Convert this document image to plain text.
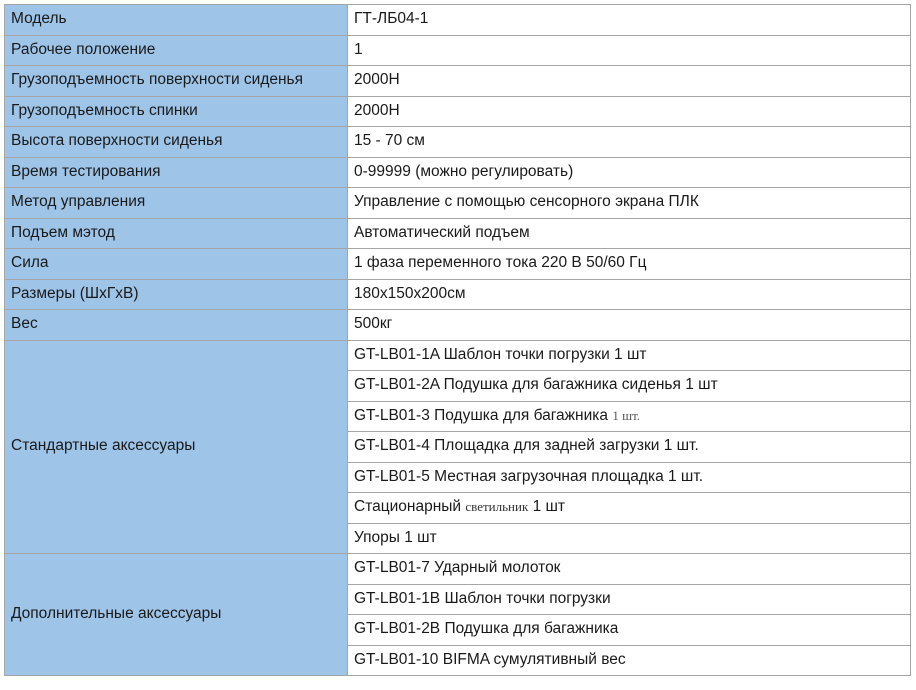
Модель	ГТ-ЛБ04-1
Рабочее положение	1
Грузоподъемность поверхности сиденья	2000Н
Грузоподъемность спинки	2000Н
Высота поверхности сиденья	15 - 70 см
Время тестирования	0-99999 (можно регулировать)
Метод управления	Управление с помощью сенсорного экрана ПЛК
Подъем мэтод	Автоматический подъем
Сила	1 фаза переменного тока 220 В 50/60 Гц
Размеры (ШхГхВ)	180x150x200см
Вес	500кг
Стандартные аксессуары	GT-LB01-1A Шаблон точки погрузки 1 шт
	GT-LB01-2A Подушка для багажника сиденья 1 шт
	GT-LB01-3 Подушка для багажника 1 шт.
	GT-LB01-4 Площадка для задней загрузки 1 шт.
	GT-LB01-5 Местная загрузочная площадка 1 шт.
	Стационарный светильник 1 шт
	Упоры 1 шт
Дополнительные аксессуары	GT-LB01-7 Ударный молоток
	GT-LB01-1B Шаблон точки погрузки
	GT-LB01-2B Подушка для багажника
	GT-LB01-10 BIFMA сумулятивный вес
